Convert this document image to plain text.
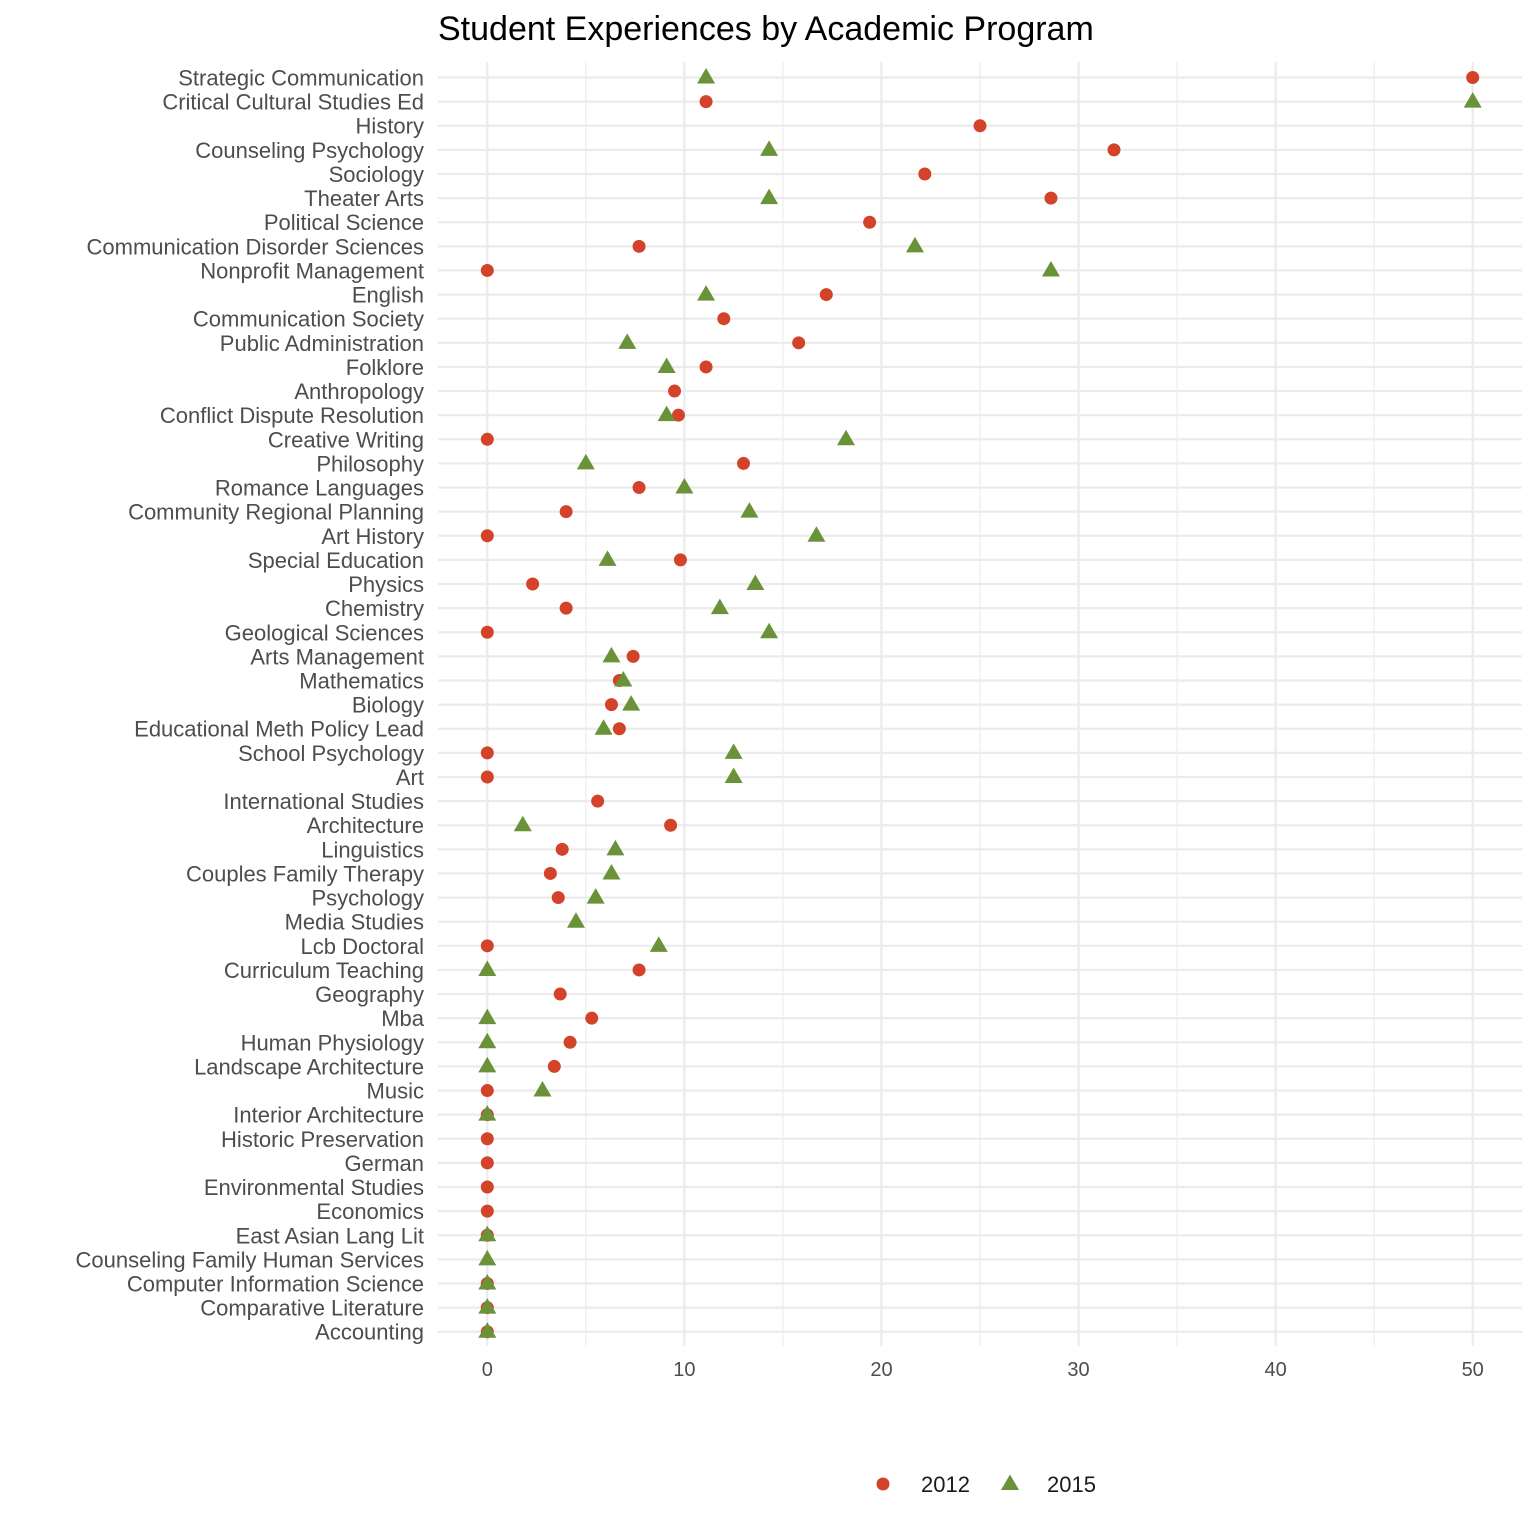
Student Experiences by Academic Program
Strategic Communication
Critical Cultural Studies Ed
History
Counseling Psychology
Sociology
Theater Arts
Political Science
Communication Disorder Sciences
Nonprofit Management
English
Communication Society
Public Administration
Folklore
Anthropology
Conflict Dispute Resolution
Creative Writing
Philosophy
Romance Languages
Community Regional Planning
Art History
Special Education
Physics
Chemistry
Geological Sciences
Arts Management
Mathematics
Biology
Educational Meth Policy Lead
School Psychology
Art
International Studies
Architecture
Linguistics
Couples Family Therapy
Psychology
Media Studies
Lcb Doctoral
Curriculum Teaching
Geography
Mba
Human Physiology
Landscape Architecture
Music
Interior Architecture
Historic Preservation
German
Environmental Studies
Economics
East Asian Lang Lit
Counseling Family Human Services
Computer Information Science
Comparative Literature
Accounting
0	10	20	30	40	50
2012	2015
